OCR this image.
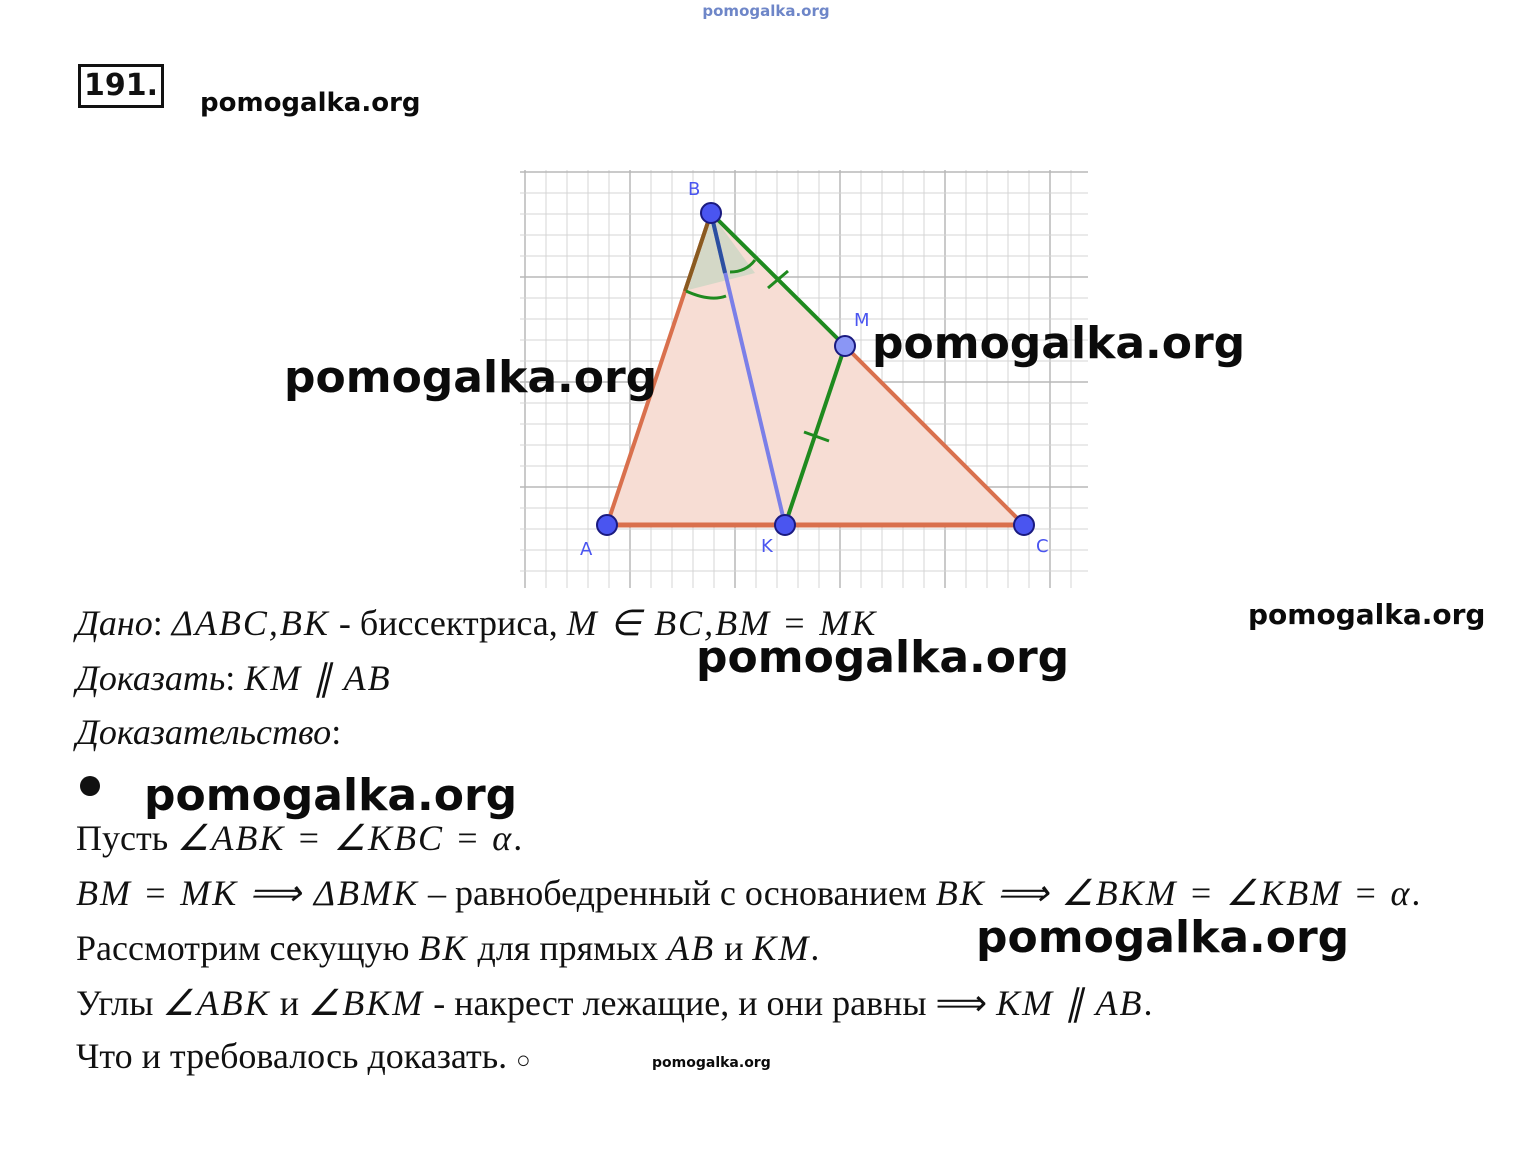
pomogalka.org
191. pomogalka.org
B
A	K	C
M
pomogalka.org
pomogalka.org
pomogalka.org
Дано: ΔABC,BK - биссектриса, M ∈ BC,BM = MK
pomogalka.org
Доказать: KM ∥ AB
Доказательство:
pomogalka.org
Пусть ∠ABK = ∠KBC = α.
BM = MK ⟹ ΔBMK – равнобедренный с основанием BK ⟹ ∠BKM = ∠KBM = α.
Рассмотрим секущую BK для прямых AB и KM.	pomogalka.org
Углы ∠ABK и ∠BKM - накрест лежащие, и они равны ⟹ KM ∥ AB.
Что и требовалось доказать. ○	pomogalka.org
